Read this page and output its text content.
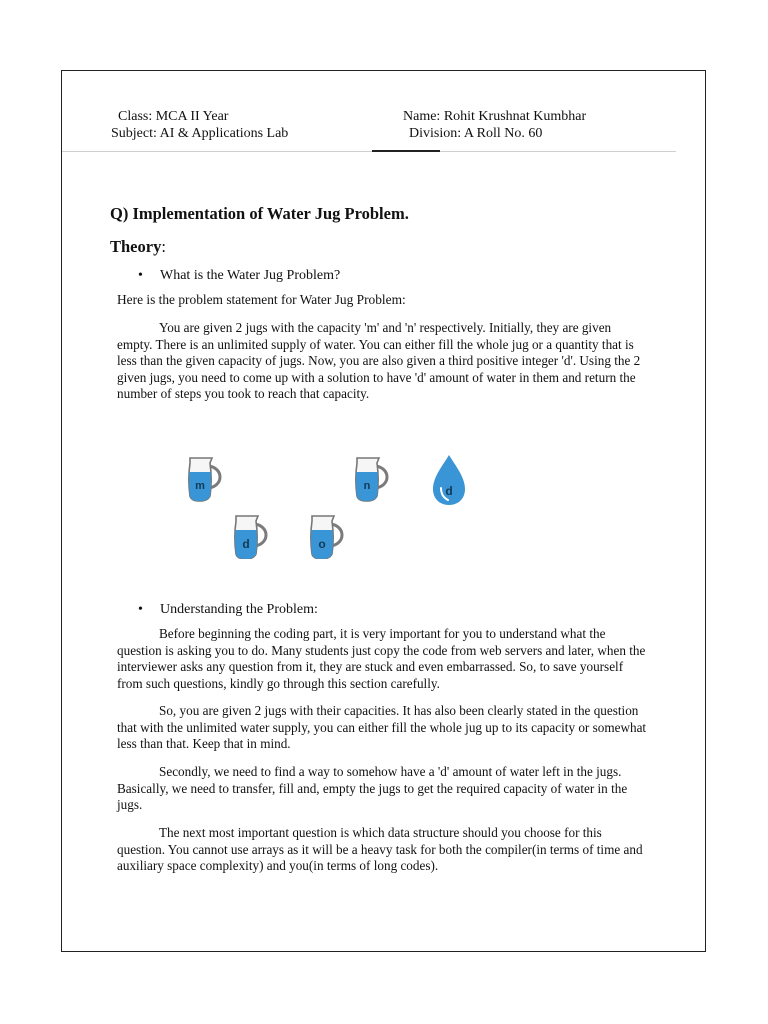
Class: MCA II Year
Subject: AI & Applications Lab
Name: Rohit Krushnat Kumbhar
Division: A Roll No. 60
Q) Implementation of Water Jug Problem.
Theory:
• What is the Water Jug Problem?
Here is the problem statement for Water Jug Problem:
You are given 2 jugs with the capacity 'm' and 'n' respectively. Initially, they are given empty. There is an unlimited supply of water. You can either fill the whole jug or a quantity that is less than the given capacity of jugs. Now, you are also given a third positive integer 'd'. Using the 2 given jugs, you need to come up with a solution to have 'd' amount of water in them and return the number of steps you took to reach that capacity.
m	n	d
d	o
• Understanding the Problem:
Before beginning the coding part, it is very important for you to understand what the question is asking you to do. Many students just copy the code from web servers and later, when the interviewer asks any question from it, they are stuck and even embarrassed. So, to save yourself from such questions, kindly go through this section carefully.
So, you are given 2 jugs with their capacities. It has also been clearly stated in the question that with the unlimited water supply, you can either fill the whole jug up to its capacity or somewhat less than that. Keep that in mind.
Secondly, we need to find a way to somehow have a 'd' amount of water left in the jugs. Basically, we need to transfer, fill and, empty the jugs to get the required capacity of water in the jugs.
The next most important question is which data structure should you choose for this question. You cannot use arrays as it will be a heavy task for both the compiler(in terms of time and auxiliary space complexity) and you(in terms of long codes).
